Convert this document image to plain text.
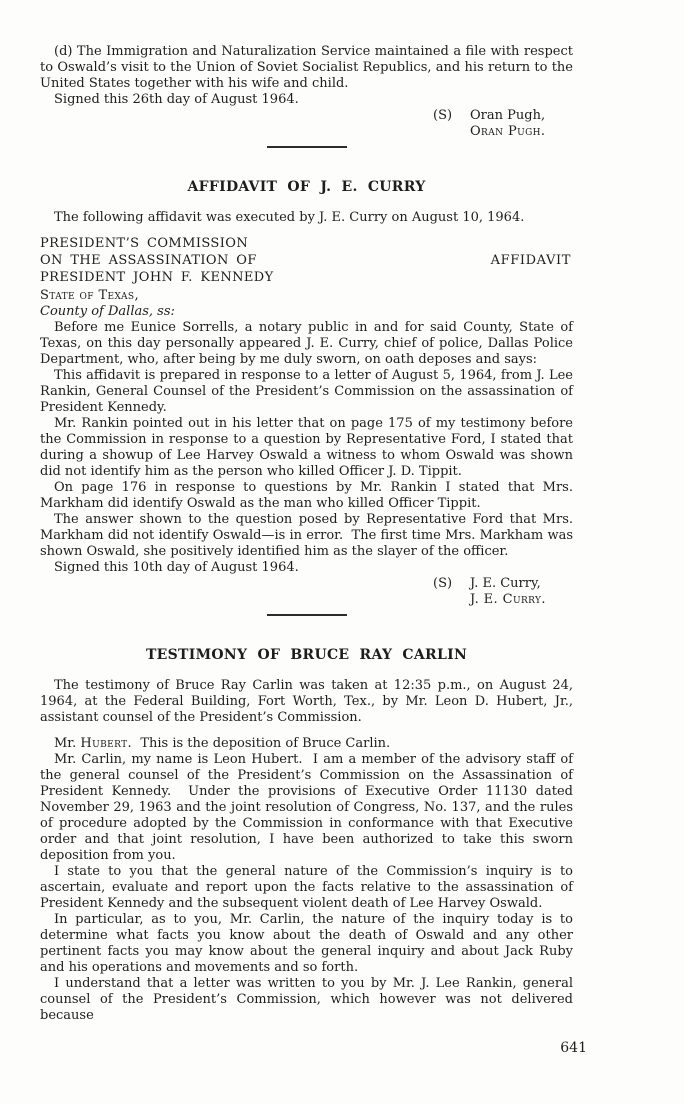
(d) The Immigration and Naturalization Service maintained a file with respect to Oswald’s visit to the Union of Soviet Socialist Republics, and his return to the United States together with his wife and child.

Signed this 26th day of August 1964.

(S) Oran Pugh,
Oran Pugh.
AFFIDAVIT OF J. E. CURRY

The following affidavit was executed by J. E. Curry on August 10, 1964.

PRESIDENT’S COMMISSION
ON THE ASSASSINATION OF
PRESIDENT JOHN F. KENNEDY
AFFIDAVIT
State of Texas,
County of Dallas, ss:

Before me Eunice Sorrells, a notary public in and for said County, State of Texas, on this day personally appeared J. E. Curry, chief of police, Dallas Police Department, who, after being by me duly sworn, on oath deposes and says:

This affidavit is prepared in response to a letter of August 5, 1964, from J. Lee Rankin, General Counsel of the President’s Commission on the assassination of President Kennedy.

Mr. Rankin pointed out in his letter that on page 175 of my testimony before the Commission in response to a question by Representative Ford, I stated that during a showup of Lee Harvey Oswald a witness to whom Oswald was shown did not identify him as the person who killed Officer J. D. Tippit.

On page 176 in response to questions by Mr. Rankin I stated that Mrs. Markham did identify Oswald as the man who killed Officer Tippit.

The answer shown to the question posed by Representative Ford that Mrs. Markham did not identify Oswald—is in error.  The first time Mrs. Markham was shown Oswald, she positively identified him as the slayer of the officer.

Signed this 10th day of August 1964.

(S) J. E. Curry,
J. E. Curry.
TESTIMONY OF BRUCE RAY CARLIN

The testimony of Bruce Ray Carlin was taken at 12:35 p.m., on August 24, 1964, at the Federal Building, Fort Worth, Tex., by Mr. Leon D. Hubert, Jr., assistant counsel of the President’s Commission.

Mr. Hubert. This is the deposition of Bruce Carlin.

Mr. Carlin, my name is Leon Hubert.  I am a member of the advisory staff of the general counsel of the President’s Commission on the Assassination of President Kennedy.  Under the provisions of Executive Order 11130 dated November 29, 1963 and the joint resolution of Congress, No. 137, and the rules of procedure adopted by the Commission in conformance with that Executive order and that joint resolution, I have been authorized to take this sworn deposition from you.

I state to you that the general nature of the Commission’s inquiry is to ascertain, evaluate and report upon the facts relative to the assassination of President Kennedy and the subsequent violent death of Lee Harvey Oswald.

In particular, as to you, Mr. Carlin, the nature of the inquiry today is to determine what facts you know about the death of Oswald and any other pertinent facts you may know about the general inquiry and about Jack Ruby and his operations and movements and so forth.

I understand that a letter was written to you by Mr. J. Lee Rankin, general counsel of the President’s Commission, which however was not delivered because

641
